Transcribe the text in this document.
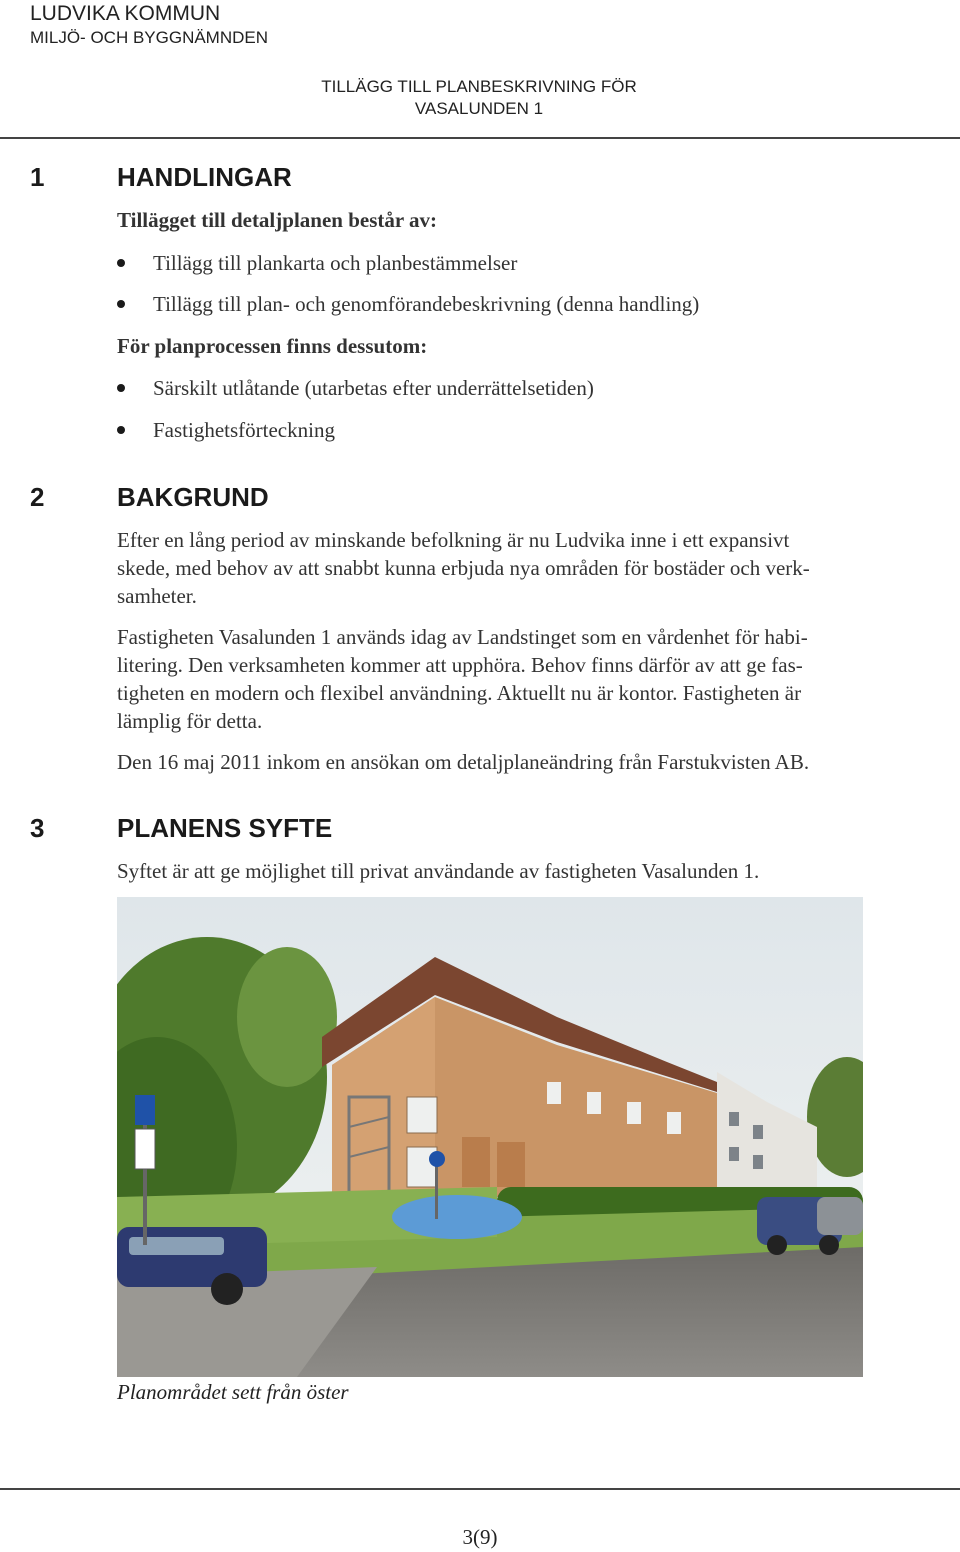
LUDVIKA KOMMUN
MILJÖ- OCH BYGGNÄMNDEN
TILLÄGG TILL PLANBESKRIVNING FÖR
VASALUNDEN 1
1	HANDLINGAR
Tillägget till detaljplanen består av:
Tillägg till plankarta och planbestämmelser
Tillägg till plan- och genomförandebeskrivning (denna handling)
För planprocessen finns dessutom:
Särskilt utlåtande (utarbetas efter underrättelsetiden)
Fastighetsförteckning
2	BAKGRUND

Efter en lång period av minskande befolkning är nu Ludvika inne i ett expansivt
skede, med behov av att snabbt kunna erbjuda nya områden för bostäder och verk-
samheter.

Fastigheten Vasalunden 1 används idag av Landstinget som en vårdenhet för habi-
litering. Den verksamheten kommer att upphöra. Behov finns därför av att ge fas-
tigheten en modern och flexibel användning. Aktuellt nu är kontor. Fastigheten är
lämplig för detta.

Den 16 maj 2011 inkom en ansökan om detaljplaneändring från Farstukvisten AB.

3	PLANENS SYFTE

Syftet är att ge möjlighet till privat användande av fastigheten Vasalunden 1.

Planområdet sett från öster
3(9)
